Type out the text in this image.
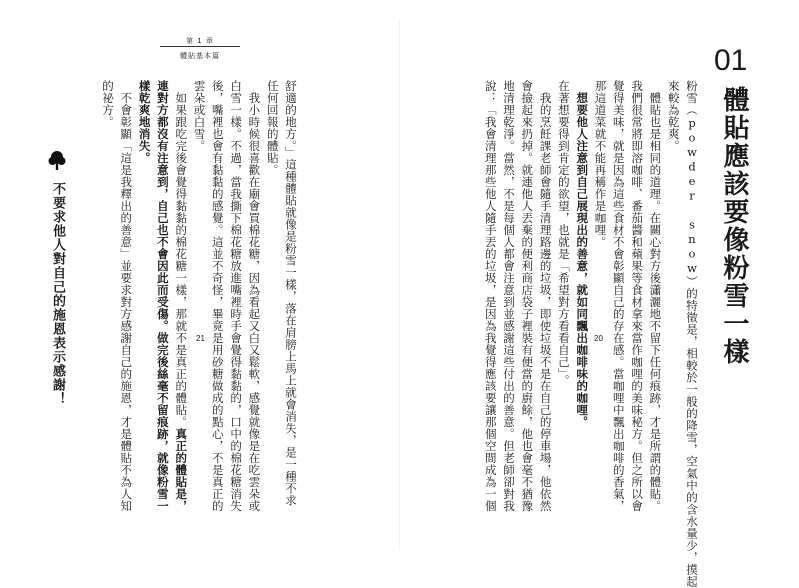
第 1 章
體貼基本篇
舒適的地方。」這種體貼就像是粉雪一樣，落在肩膀上馬上就會消失，是一種不求
任何回報的體貼。
　我小時候很喜歡在廟會買棉花糖，因為看起又白又鬆軟，感覺就像是在吃雲朵或
白雪一樣。不過，當我撕下棉花糖放進嘴裡時手會覺得黏黏的，口中的棉花糖消失
後，嘴裡也會有黏黏的感覺。這並不奇怪，畢竟是用砂糖做成的點心，不是真正的
雲朵或白雪。
　如果跟吃完後會覺得黏黏的棉花糖一樣，那就不是真正的體貼。真正的體貼是，
連對方都沒有注意到，自己也不會因此而受傷。做完後絲毫不留痕跡，就像粉雪一
樣乾爽地消失。
　不會彰顯「這是我釋出的善意」並要求對方感謝自己的施恩，才是體貼不為人知
的祕方。
不要求他人對自己的施恩表示感謝！	21
01
體貼應該要像粉雪一樣
粉雪（powder snow）的特徵是，相較於一般的降雪，空氣中的含水量少，摸起
來較為乾爽。
　體貼也是相同的道理。在關心對方後瀟灑地不留下任何痕跡，才是所謂的體貼。
我們很常將即溶咖啡、番茄醬和蘋果等食材拿來當作咖哩的美味秘方。但之所以會
覺得美味，就是因為這些食材不會彰顯自己的存在感。當咖哩中飄出咖啡的香氣，
那這道菜就不能再稱作是咖哩。
　想要他人注意到自己展現出的善意，就如同飄出咖啡味的咖哩。
在著想要得到肯定的欲望，也就是「希望對方看看自己」。
　我的烹飪課老師會隨手清理路邊的垃圾，即使垃圾不是在自己的停車場，他依然
會撿起來扔掉。就連他人丟棄的便利商店袋子裡裝有便當的廚餘，他也會毫不猶豫
地清理乾淨。當然，不是每個人都會注意到並感謝這些付出的善意。但老師卻對我
說：「我會清理那些他人隨手丟的垃圾，是因為我覺得應該要讓那個空間成為一個	20
